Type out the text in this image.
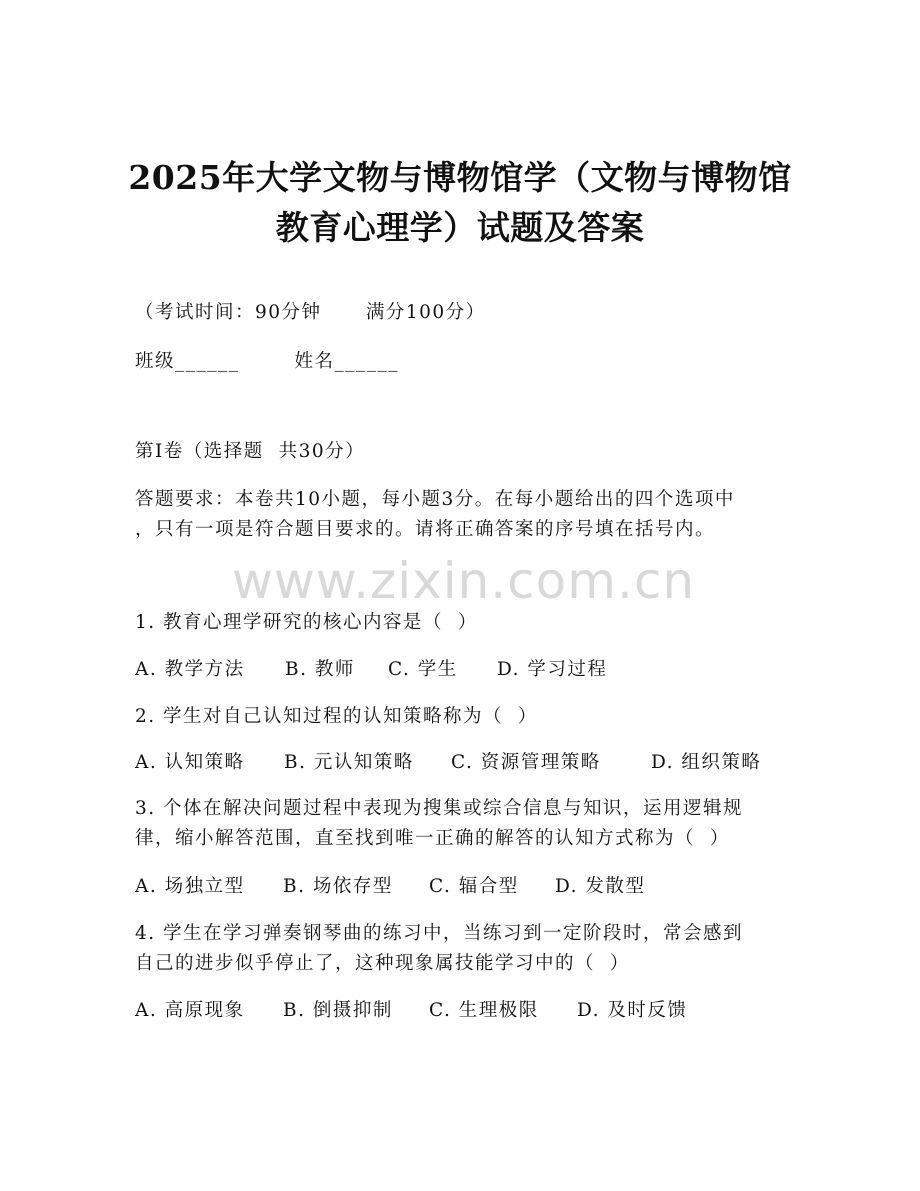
www.zixin.com.cn
2025年大学文物与博物馆学（文物与博物馆
教育心理学）试题及答案
（考试时间：90分钟      满分100分）
班级______	姓名______
第I卷（选择题  共30分）
答题要求：本卷共10小题，每小题3分。在每小题给出的四个选项中
，只有一项是符合题目要求的。请将正确答案的序号填在括号内。
1. 教育心理学研究的核心内容是（  ）
A. 教学方法 B. 教师 C. 学生 D. 学习过程
2. 学生对自己认知过程的认知策略称为（  ）
A. 认知策略 B. 元认知策略 C. 资源管理策略	D. 组织策略
3. 个体在解决问题过程中表现为搜集或综合信息与知识，运用逻辑规
律，缩小解答范围，直至找到唯一正确的解答的认知方式称为（  ）
A. 场独立型 B. 场依存型 C. 辐合型 D. 发散型
4. 学生在学习弹奏钢琴曲的练习中，当练习到一定阶段时，常会感到
自己的进步似乎停止了，这种现象属技能学习中的（  ）
A. 高原现象 B. 倒摄抑制 C. 生理极限 D. 及时反馈
